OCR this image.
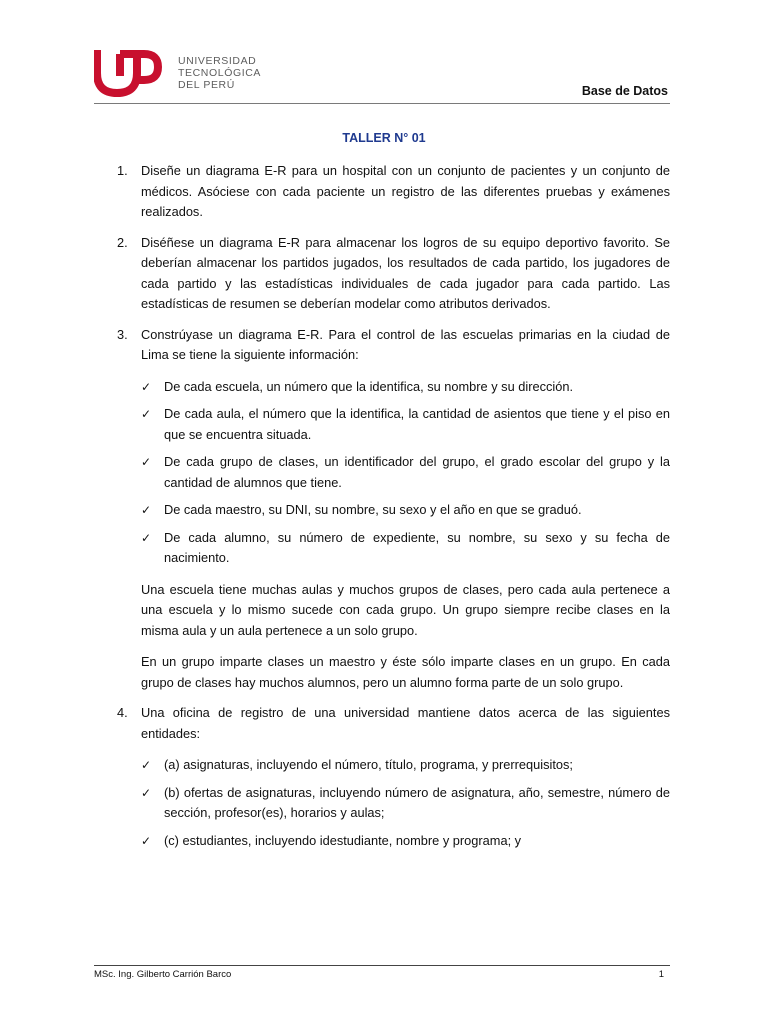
UNIVERSIDAD
TECNOLÓGICA
DEL PERÚ	Base de Datos
TALLER N° 01
1. Diseñe un diagrama E-R para un hospital con un conjunto de pacientes y un conjunto de médicos. Asóciese con cada paciente un registro de las diferentes pruebas y exámenes realizados.
2. Diséñese un diagrama E-R para almacenar los logros de su equipo deportivo favorito. Se deberían almacenar los partidos jugados, los resultados de cada partido, los jugadores de cada partido y las estadísticas individuales de cada jugador para cada partido. Las estadísticas de resumen se deberían modelar como atributos derivados.
3. Constrúyase un diagrama E-R. Para el control de las escuelas primarias en la ciudad de Lima se tiene la siguiente información:
✓ De cada escuela, un número que la identifica, su nombre y su dirección.
✓ De cada aula, el número que la identifica, la cantidad de asientos que tiene y el piso en que se encuentra situada.
✓ De cada grupo de clases, un identificador del grupo, el grado escolar del grupo y la cantidad de alumnos que tiene.
✓ De cada maestro, su DNI, su nombre, su sexo y el año en que se graduó.
✓ De cada alumno, su número de expediente, su nombre, su sexo y su fecha de nacimiento.
Una escuela tiene muchas aulas y muchos grupos de clases, pero cada aula pertenece a una escuela y lo mismo sucede con cada grupo. Un grupo siempre recibe clases en la misma aula y un aula pertenece a un solo grupo.
En un grupo imparte clases un maestro y éste sólo imparte clases en un grupo. En cada grupo de clases hay muchos alumnos, pero un alumno forma parte de un solo grupo.
4. Una oficina de registro de una universidad mantiene datos acerca de las siguientes entidades:
✓ (a) asignaturas, incluyendo el número, título, programa, y prerrequisitos;
✓ (b) ofertas de asignaturas, incluyendo número de asignatura, año, semestre, número de sección, profesor(es), horarios y aulas;
✓ (c) estudiantes, incluyendo idestudiante, nombre y programa; y
MSc. Ing. Gilberto Carrión Barco	1
